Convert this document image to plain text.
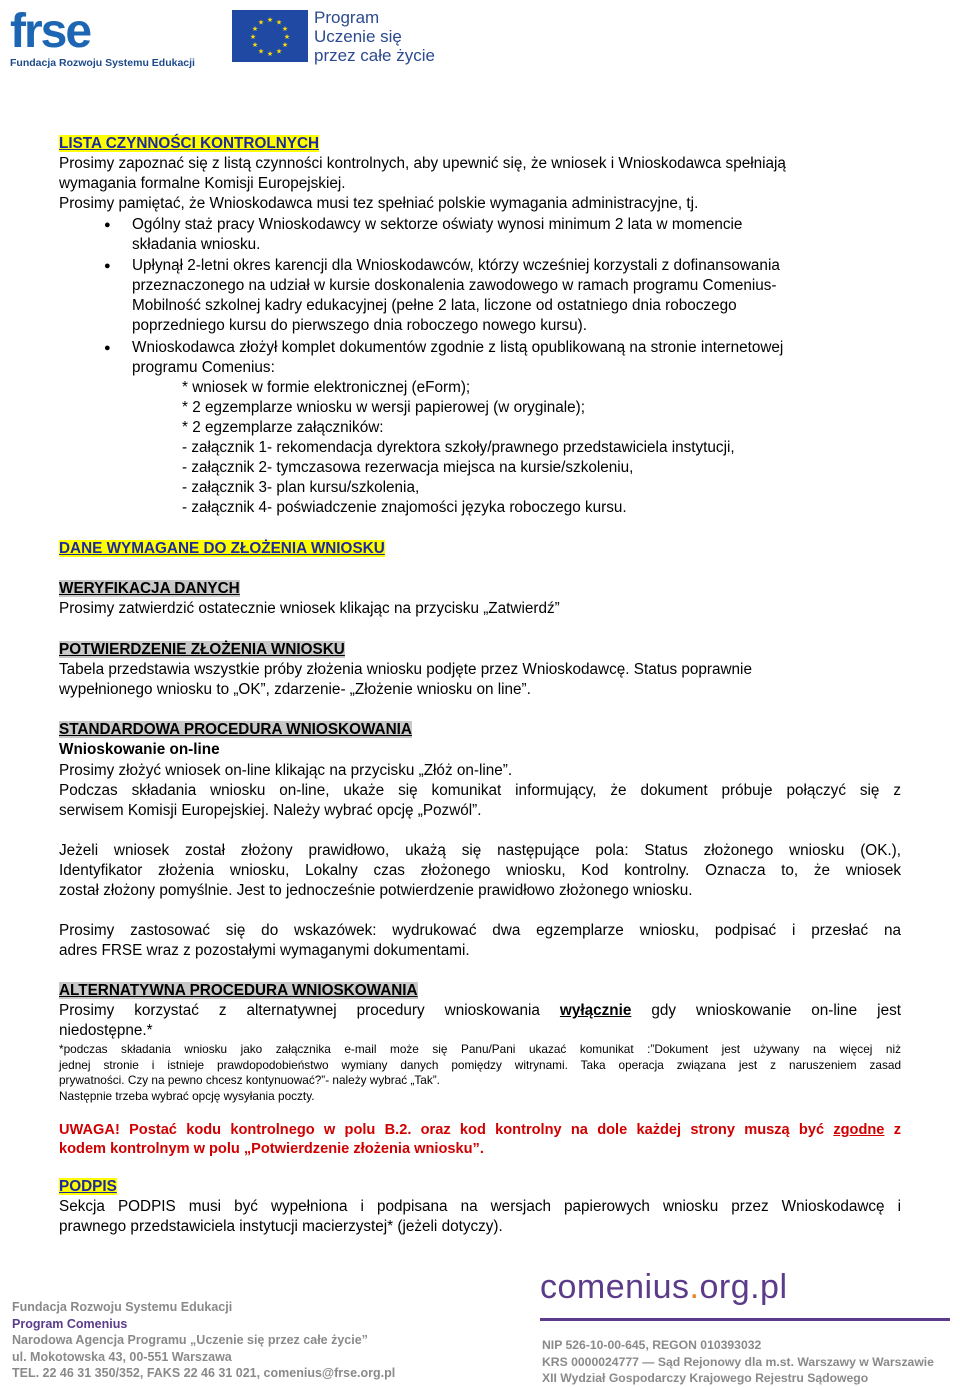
frse
Fundacja Rozwoju Systemu Edukacji
★ ★
★
★
★
★
★
★
★
★
★
★	Program
Uczenie się
przez całe życie
LISTA CZYNNOŚCI KONTROLNYCH
Prosimy zapoznać się z listą czynności kontrolnych, aby upewnić się, że wniosek i Wnioskodawca spełniają
wymagania formalne Komisji Europejskiej.
Prosimy pamiętać, że Wnioskodawca musi tez spełniać polskie wymagania administracyjne, tj.
● Ogólny staż pracy Wnioskodawcy w sektorze oświaty wynosi minimum 2 lata w momencie
składania wniosku.
● Upłynął 2-letni okres karencji dla Wnioskodawców, którzy wcześniej korzystali z dofinansowania
przeznaczonego na udział w kursie doskonalenia zawodowego w ramach programu Comenius-
Mobilność szkolnej kadry edukacyjnej (pełne 2 lata, liczone od ostatniego dnia roboczego
poprzedniego kursu do pierwszego dnia roboczego nowego kursu).
● Wnioskodawca złożył komplet dokumentów zgodnie z listą opublikowaną na stronie internetowej
programu Comenius:
* wniosek w formie elektronicznej (eForm);
* 2 egzemplarze wniosku w wersji papierowej (w oryginale);
* 2 egzemplarze załączników:
- załącznik 1- rekomendacja dyrektora szkoły/prawnego przedstawiciela instytucji,
- załącznik 2- tymczasowa rezerwacja miejsca na kursie/szkoleniu,
- załącznik 3- plan kursu/szkolenia,
- załącznik 4- poświadczenie znajomości języka roboczego kursu.
DANE WYMAGANE DO ZŁOŻENIA WNIOSKU
WERYFIKACJA DANYCH
Prosimy zatwierdzić ostatecznie wniosek klikając na przycisku „Zatwierdź”
POTWIERDZENIE ZŁOŻENIA WNIOSKU
Tabela przedstawia wszystkie próby złożenia wniosku podjęte przez Wnioskodawcę. Status poprawnie
wypełnionego wniosku to „OK”, zdarzenie- „Złożenie wniosku on line”.
STANDARDOWA PROCEDURA WNIOSKOWANIA
Wnioskowanie on-line
Prosimy złożyć wniosek on-line klikając na przycisku „Złóż on-line”.
Podczas składania wniosku on-line, ukaże się komunikat informujący, że dokument próbuje połączyć się z
serwisem Komisji Europejskiej. Należy wybrać opcję „Pozwól”.
Jeżeli wniosek został złożony prawidłowo, ukażą się następujące pola: Status złożonego wniosku (OK.),
Identyfikator złożenia wniosku, Lokalny czas złożonego wniosku, Kod kontrolny. Oznacza to, że wniosek
został złożony pomyślnie. Jest to jednocześnie potwierdzenie prawidłowo złożonego wniosku.
Prosimy zastosować się do wskazówek: wydrukować dwa egzemplarze wniosku, podpisać i przesłać na
adres FRSE wraz z pozostałymi wymaganymi dokumentami.
ALTERNATYWNA PROCEDURA WNIOSKOWANIA
Prosimy korzystać z alternatywnej procedury wnioskowania wyłącznie gdy wnioskowanie on-line jest
niedostępne.*
*podczas składania wniosku jako załącznika e-mail może się Panu/Pani ukazać komunikat :”Dokument jest używany na więcej niż
jednej stronie i istnieje prawdopodobieństwo wymiany danych pomiędzy witrynami. Taka operacja związana jest z naruszeniem zasad
prywatności. Czy na pewno chcesz kontynuować?”- należy wybrać „Tak”.
Następnie trzeba wybrać opcję wysyłania poczty.
UWAGA! Postać kodu kontrolnego w polu B.2. oraz kod kontrolny na dole każdej strony muszą być zgodne z
kodem kontrolnym w polu „Potwierdzenie złożenia wniosku”.
PODPIS
Sekcja PODPIS musi być wypełniona i podpisana na wersjach papierowych wniosku przez Wnioskodawcę i
prawnego przedstawiciela instytucji macierzystej* (jeżeli dotyczy).
Fundacja Rozwoju Systemu Edukacji
Program Comenius
Narodowa Agencja Programu „Uczenie się przez całe życie”
ul. Mokotowska 43, 00-551 Warszawa
TEL. 22 46 31 350/352, FAKS 22 46 31 021, comenius@frse.org.pl
comenius.org.pl
NIP 526-10-00-645, REGON 010393032
KRS 0000024777 — Sąd Rejonowy dla m.st. Warszawy w Warszawie
XII Wydział Gospodarczy Krajowego Rejestru Sądowego
